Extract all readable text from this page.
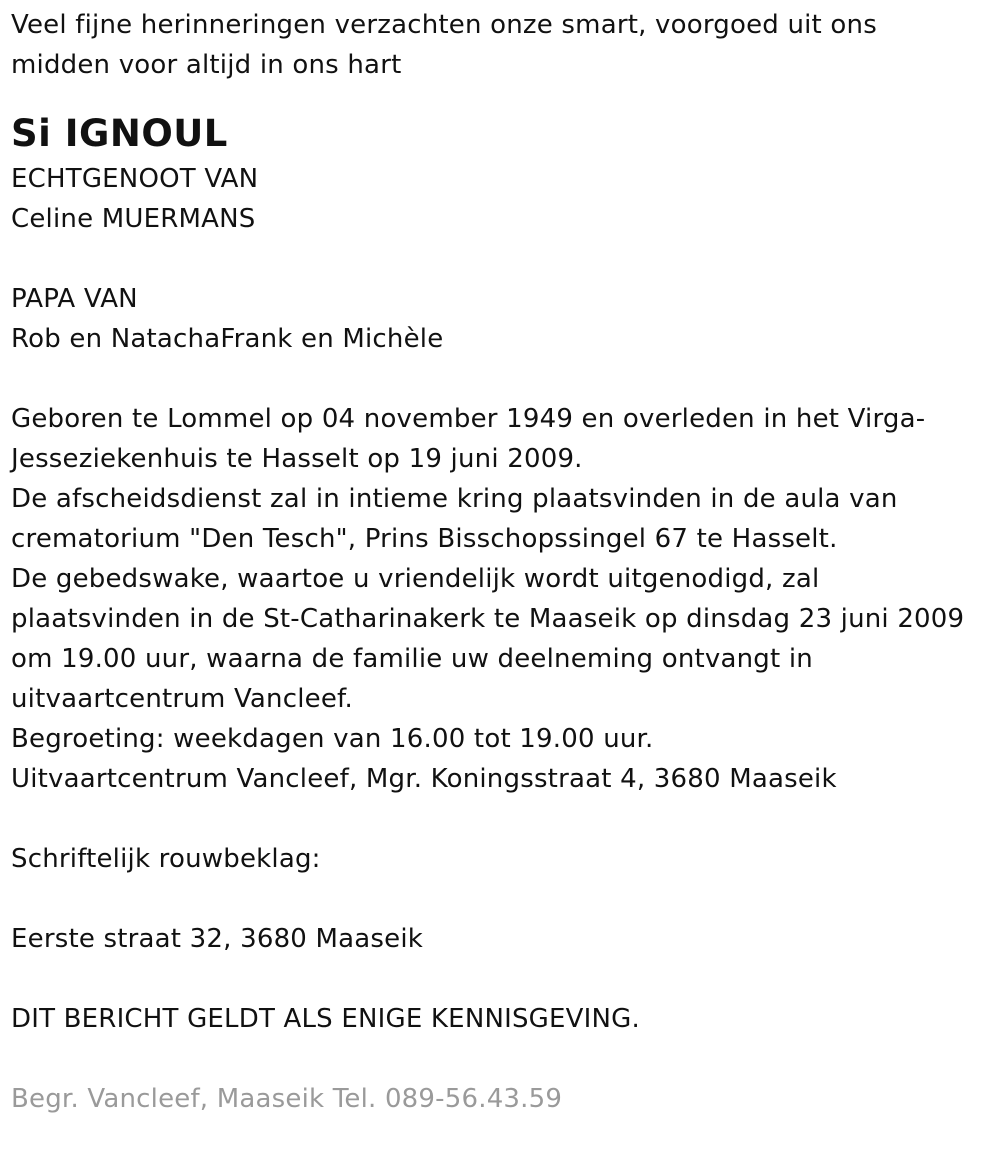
Veel fijne herinneringen verzachten onze smart, voorgoed uit ons
midden voor altijd in ons hart
Si IGNOUL
ECHTGENOOT VAN
Celine MUERMANS
PAPA VAN
Rob en NatachaFrank en Michèle
Geboren te Lommel op 04 november 1949 en overleden in het Virga-
Jesseziekenhuis te Hasselt op 19 juni 2009.
De afscheidsdienst zal in intieme kring plaatsvinden in de aula van
crematorium "Den Tesch", Prins Bisschopssingel 67 te Hasselt.
De gebedswake, waartoe u vriendelijk wordt uitgenodigd, zal
plaatsvinden in de St-Catharinakerk te Maaseik op dinsdag 23 juni 2009
om 19.00 uur, waarna de familie uw deelneming ontvangt in
uitvaartcentrum Vancleef.
Begroeting: weekdagen van 16.00 tot 19.00 uur.
Uitvaartcentrum Vancleef, Mgr. Koningsstraat 4, 3680 Maaseik
Schriftelijk rouwbeklag:
Eerste straat 32, 3680 Maaseik
DIT BERICHT GELDT ALS ENIGE KENNISGEVING.
Begr. Vancleef, Maaseik Tel. 089-56.43.59
